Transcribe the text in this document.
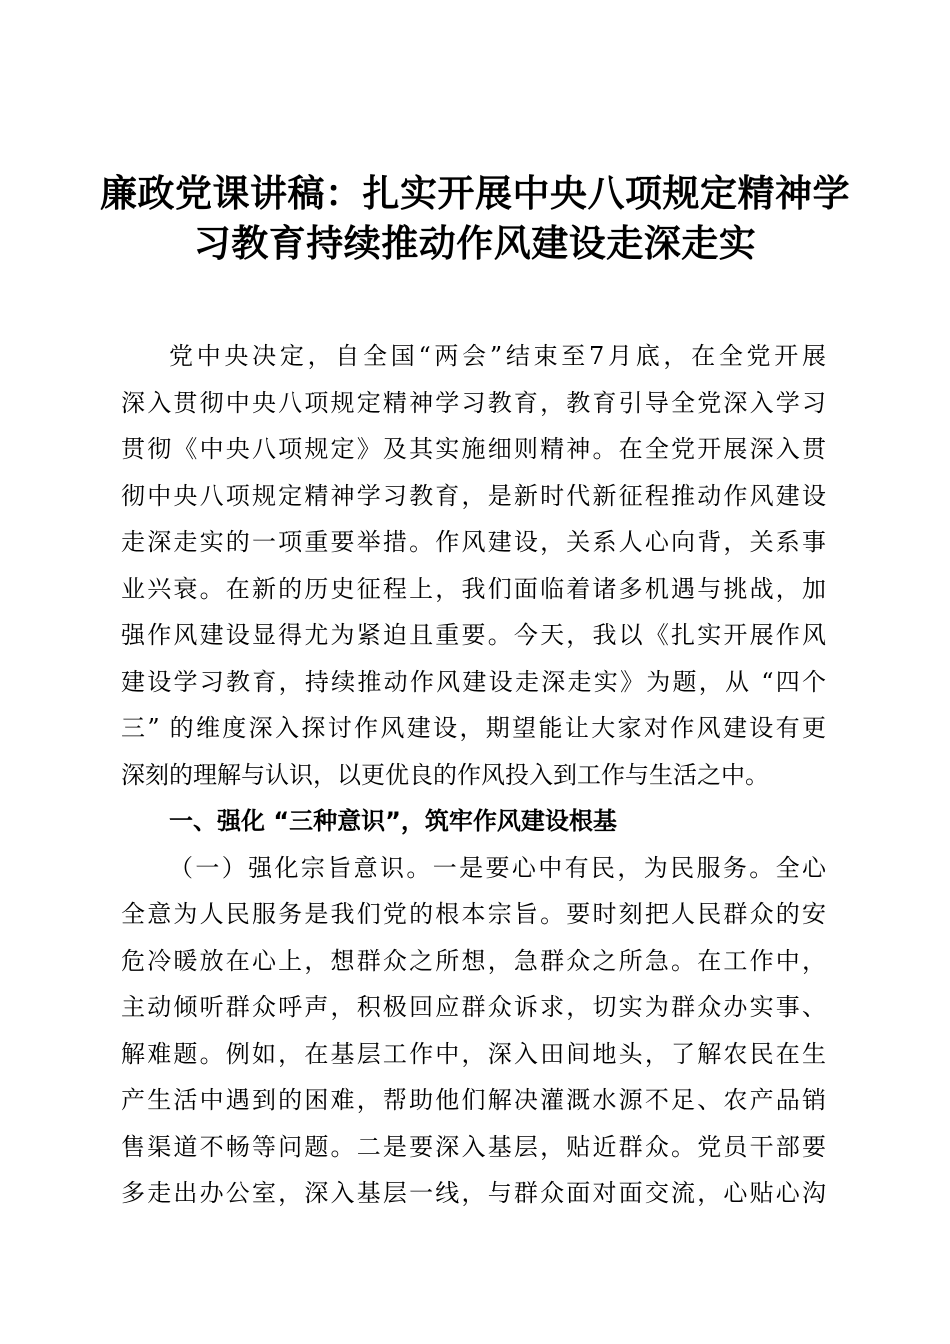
廉政党课讲稿：扎实开展中央八项规定精神学
习教育持续推动作风建设走深走实
党中央决定，自全国“两会”结束至7月底，在全党开展
深入贯彻中央八项规定精神学习教育，教育引导全党深入学习
贯彻《中央八项规定》及其实施细则精神。在全党开展深入贯
彻中央八项规定精神学习教育，是新时代新征程推动作风建设
走深走实的一项重要举措。作风建设，关系人心向背，关系事
业兴衰。在新的历史征程上，我们面临着诸多机遇与挑战，加
强作风建设显得尤为紧迫且重要。今天，我以《扎实开展作风
建设学习教育，持续推动作风建设走深走实》为题，从 “四个
三” 的维度深入探讨作风建设，期望能让大家对作风建设有更
深刻的理解与认识，以更优良的作风投入到工作与生活之中。
一、强化 “三种意识”，筑牢作风建设根基
（一）强化宗旨意识。一是要心中有民，为民服务。全心
全意为人民服务是我们党的根本宗旨。要时刻把人民群众的安
危冷暖放在心上，想群众之所想，急群众之所急。在工作中，
主动倾听群众呼声，积极回应群众诉求，切实为群众办实事、
解难题。例如，在基层工作中，深入田间地头，了解农民在生
产生活中遇到的困难，帮助他们解决灌溉水源不足、农产品销
售渠道不畅等问题。二是要深入基层，贴近群众。党员干部要
多走出办公室，深入基层一线，与群众面对面交流，心贴心沟
